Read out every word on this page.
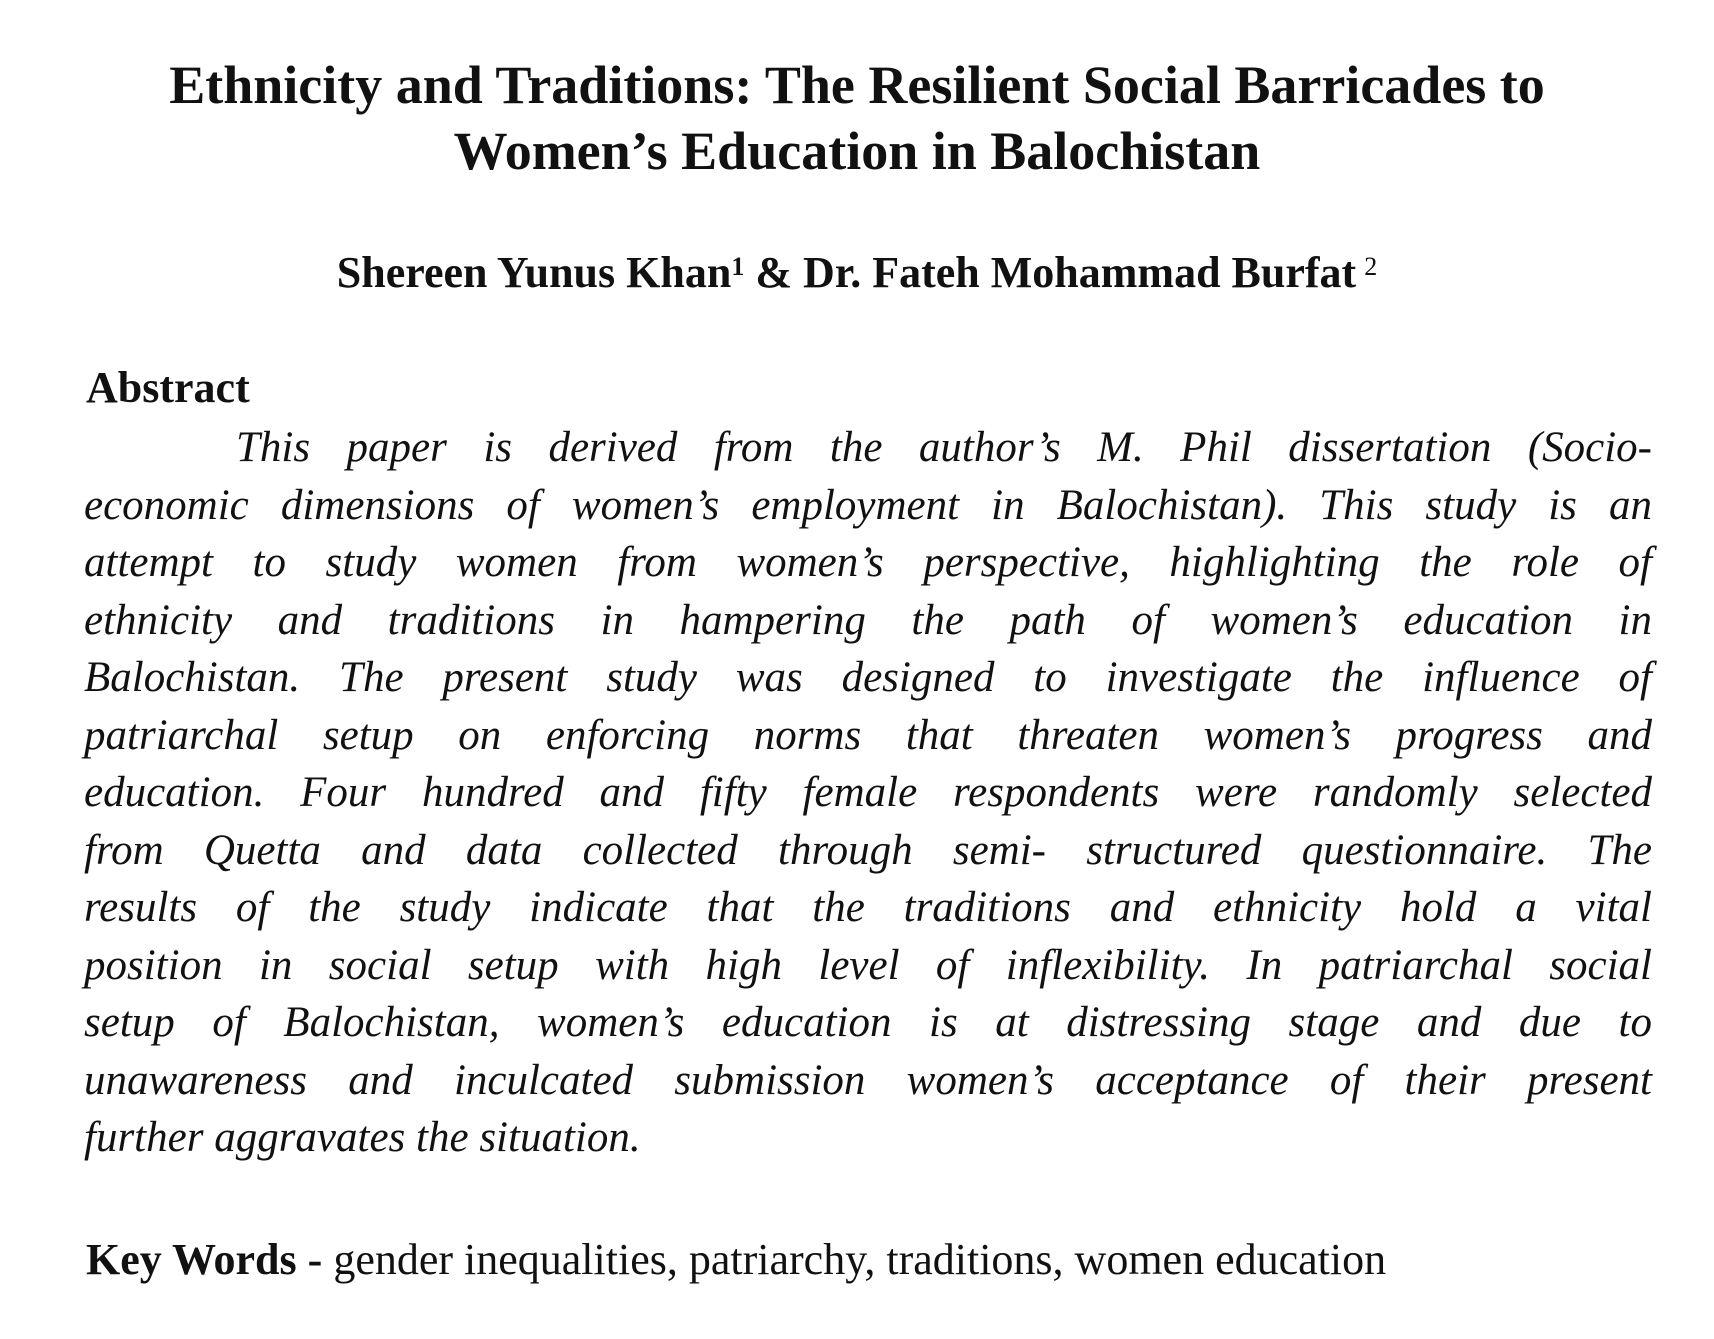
Ethnicity and Traditions: The Resilient Social Barricades to
Women’s Education in Balochistan
Shereen Yunus Khan$^1$ & Dr. Fateh Mohammad Burfat $^2$
Abstract
This paper is derived from the author’s M. Phil dissertation (Socio-
economic dimensions of women’s employment in Balochistan). This study is an
attempt to study women from women’s perspective, highlighting the role of
ethnicity and traditions in hampering the path of women’s education in
Balochistan. The present study was designed to investigate the influence of
patriarchal setup on enforcing norms that threaten women’s progress and
education. Four hundred and fifty female respondents were randomly selected
from Quetta and data collected through semi- structured questionnaire. The
results of the study indicate that the traditions and ethnicity hold a vital
position in social setup with high level of inflexibility. In patriarchal social
setup of Balochistan, women’s education is at distressing stage and due to
unawareness and inculcated submission women’s acceptance of their present
further aggravates the situation.
Key Words - gender inequalities, patriarchy, traditions, women education
